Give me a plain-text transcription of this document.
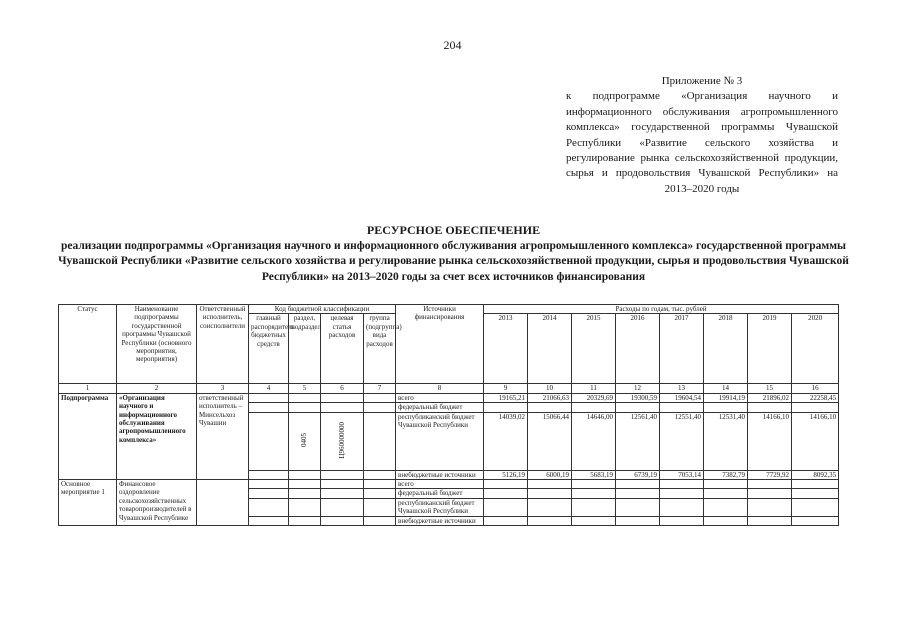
204
Приложение № 3
к подпрограмме «Организация научного и информационного обслуживания агропромышленного комплекса» государственной программы Чувашской Республики «Развитие сельского хозяйства и регулирование рынка сельскохозяйственной продукции, сырья и продовольствия Чувашской Республики» на 2013–2020 годы
РЕСУРСНОЕ ОБЕСПЕЧЕНИЕ
реализации подпрограммы «Организация научного и информационного обслуживания агропромышленного комплекса» государственной программы Чувашской Республики «Развитие сельского хозяйства и регулирование рынка сельскохозяйственной продукции, сырья и продовольствия Чувашской Республики» на 2013–2020 годы за счет всех источников финансирования
Статус	Наименование подпрограммы государственной программы Чувашской Республики (основного мероприятия, мероприятия)	Ответственный исполнитель, соисполнители	Код бюджетной классификации				Источники финансирования	Расходы по годам, тыс. рублей							
			главный распорядитель бюджетных средств	раздел, подраздел	целевая статья расходов	группа (подгруппа) вида расходов		2013	2014	2015	2016	2017	2018	2019	2020
1	2	3	4	5	6	7	8	9	10	11	12	13	14	15	16
Подпрограмма	«Организация научного и информационного обслуживания агропромышленного комплекса»	ответственный исполнитель – Минсельхоз Чувашии					всего	19165,21	21066,63	20329,69	19300,59	19604,54	19914,19	21896,02	22258,45
							федеральный бюджет								
				0405	Ц960000000		республиканский бюджет Чувашской Республики	14039,02	15066,44	14646,00	12561,40	12551,40	12531,40	14166,10	14166,10
							внебюджетные источники	5126,19	6000,19	5683,19	6739,19	7053,14	7382,79	7729,92	8092,35
Основное мероприятие 1	Финансовое оздоровление сельскохозяйственных товаропроизводителей в Чувашской Республике						всего								
							федеральный бюджет								
							республиканский бюджет Чувашской Республики								
							внебюджетные источники								
